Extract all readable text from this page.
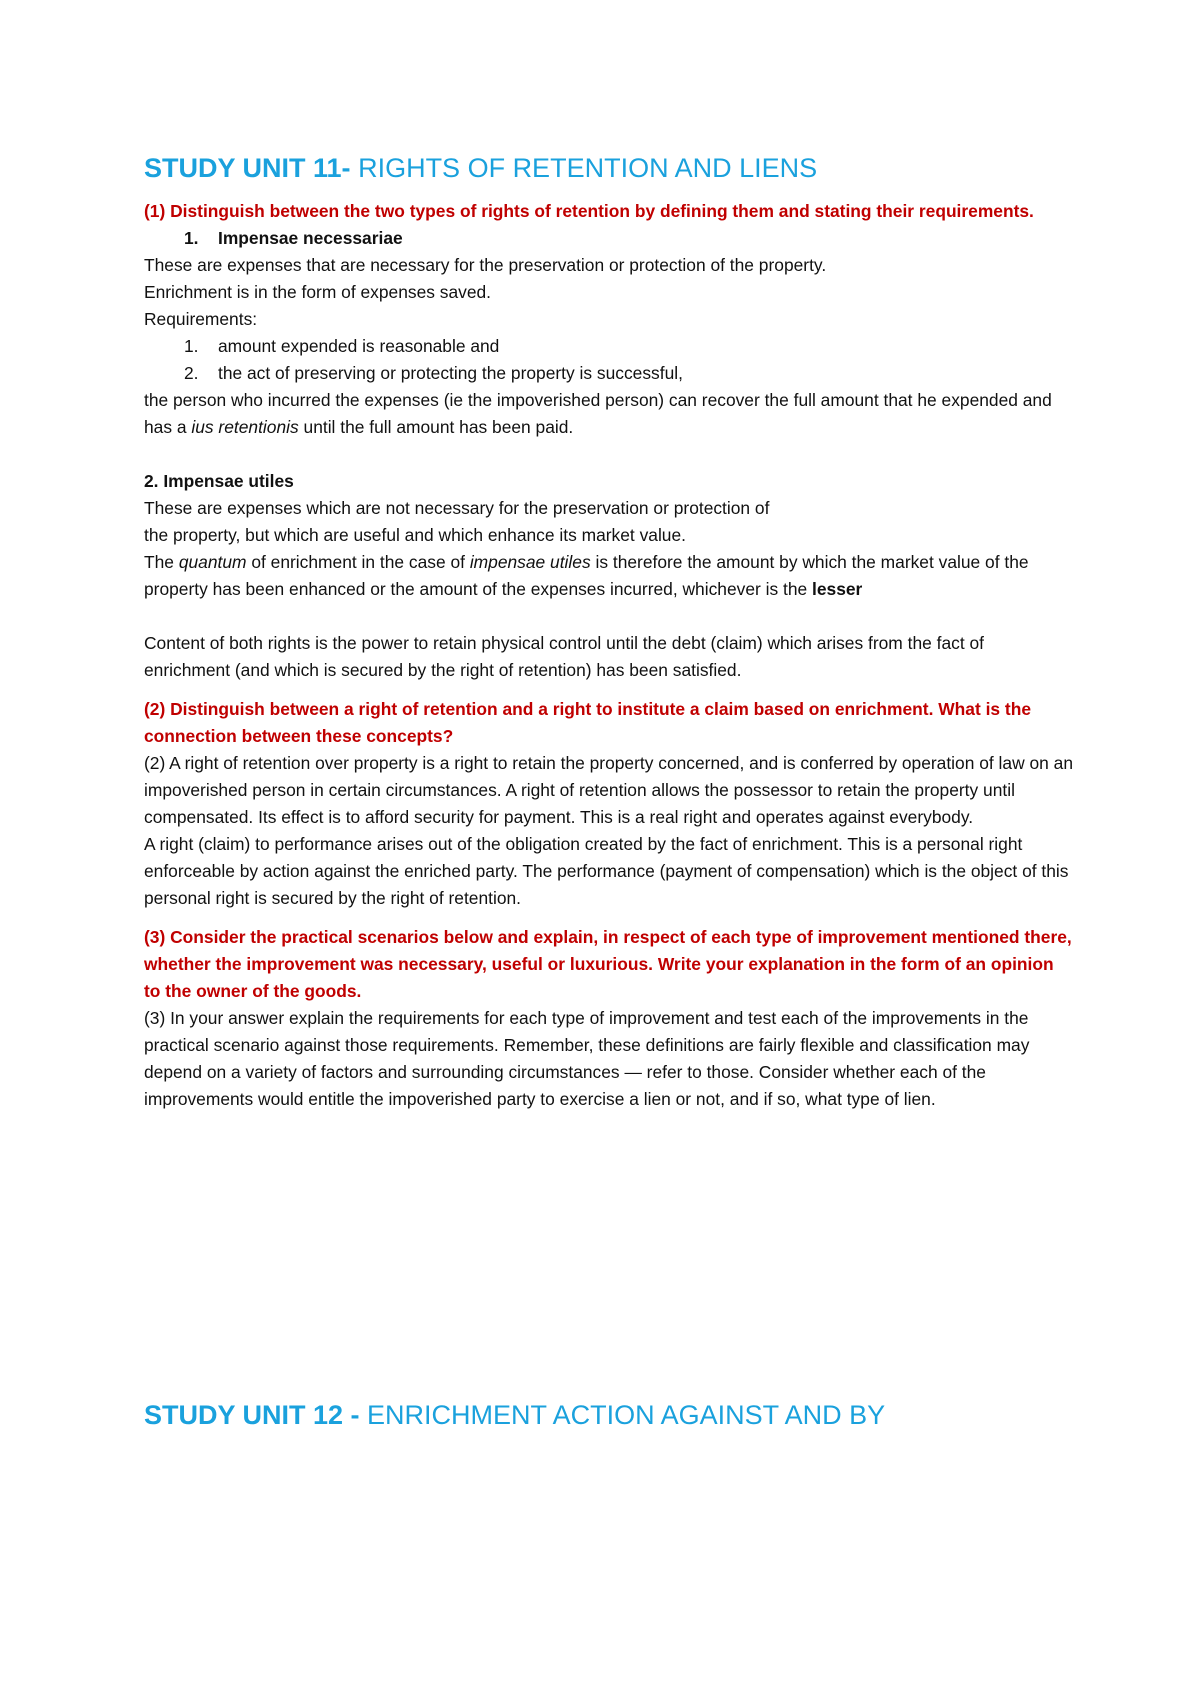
STUDY UNIT 11- RIGHTS OF RETENTION AND LIENS

(1) Distinguish between the two types of rights of retention by defining them and stating their requirements.

1. Impensae necessariae

These are expenses that are necessary for the preservation or protection of the property.

Enrichment is in the form of expenses saved.

Requirements:

1. amount expended is reasonable and
2. the act of preserving or protecting the property is successful,

the person who incurred the expenses (ie the impoverished person) can recover the full amount that he expended and has a ius retentionis until the full amount has been paid.

2. Impensae utiles

These are expenses which are not necessary for the preservation or protection of

the property, but which are useful and which enhance its market value.

The quantum of enrichment in the case of impensae utiles is therefore the amount by which the market value of the property has been enhanced or the amount of the expenses incurred, whichever is the lesser

Content of both rights is the power to retain physical control until the debt (claim) which arises from the fact of enrichment (and which is secured by the right of retention) has been satisfied.

(2) Distinguish between a right of retention and a right to institute a claim based on enrichment. What is the connection between these concepts?

(2) A right of retention over property is a right to retain the property concerned, and is conferred by operation of law on an impoverished person in certain circumstances. A right of retention allows the possessor to retain the property until compensated. Its effect is to afford security for payment. This is a real right and operates against everybody.

A right (claim) to performance arises out of the obligation created by the fact of enrichment. This is a personal right enforceable by action against the enriched party. The performance (payment of compensation) which is the object of this personal right is secured by the right of retention.

(3) Consider the practical scenarios below and explain, in respect of each type of improvement mentioned there, whether the improvement was necessary, useful or luxurious. Write your explanation in the form of an opinion to the owner of the goods.

(3) In your answer explain the requirements for each type of improvement and test each of the improvements in the practical scenario against those requirements. Remember, these definitions are fairly flexible and classification may depend on a variety of factors and surrounding circumstances — refer to those. Consider whether each of the improvements would entitle the impoverished party to exercise a lien or not, and if so, what type of lien.

STUDY UNIT 12 - ENRICHMENT ACTION AGAINST AND BY
